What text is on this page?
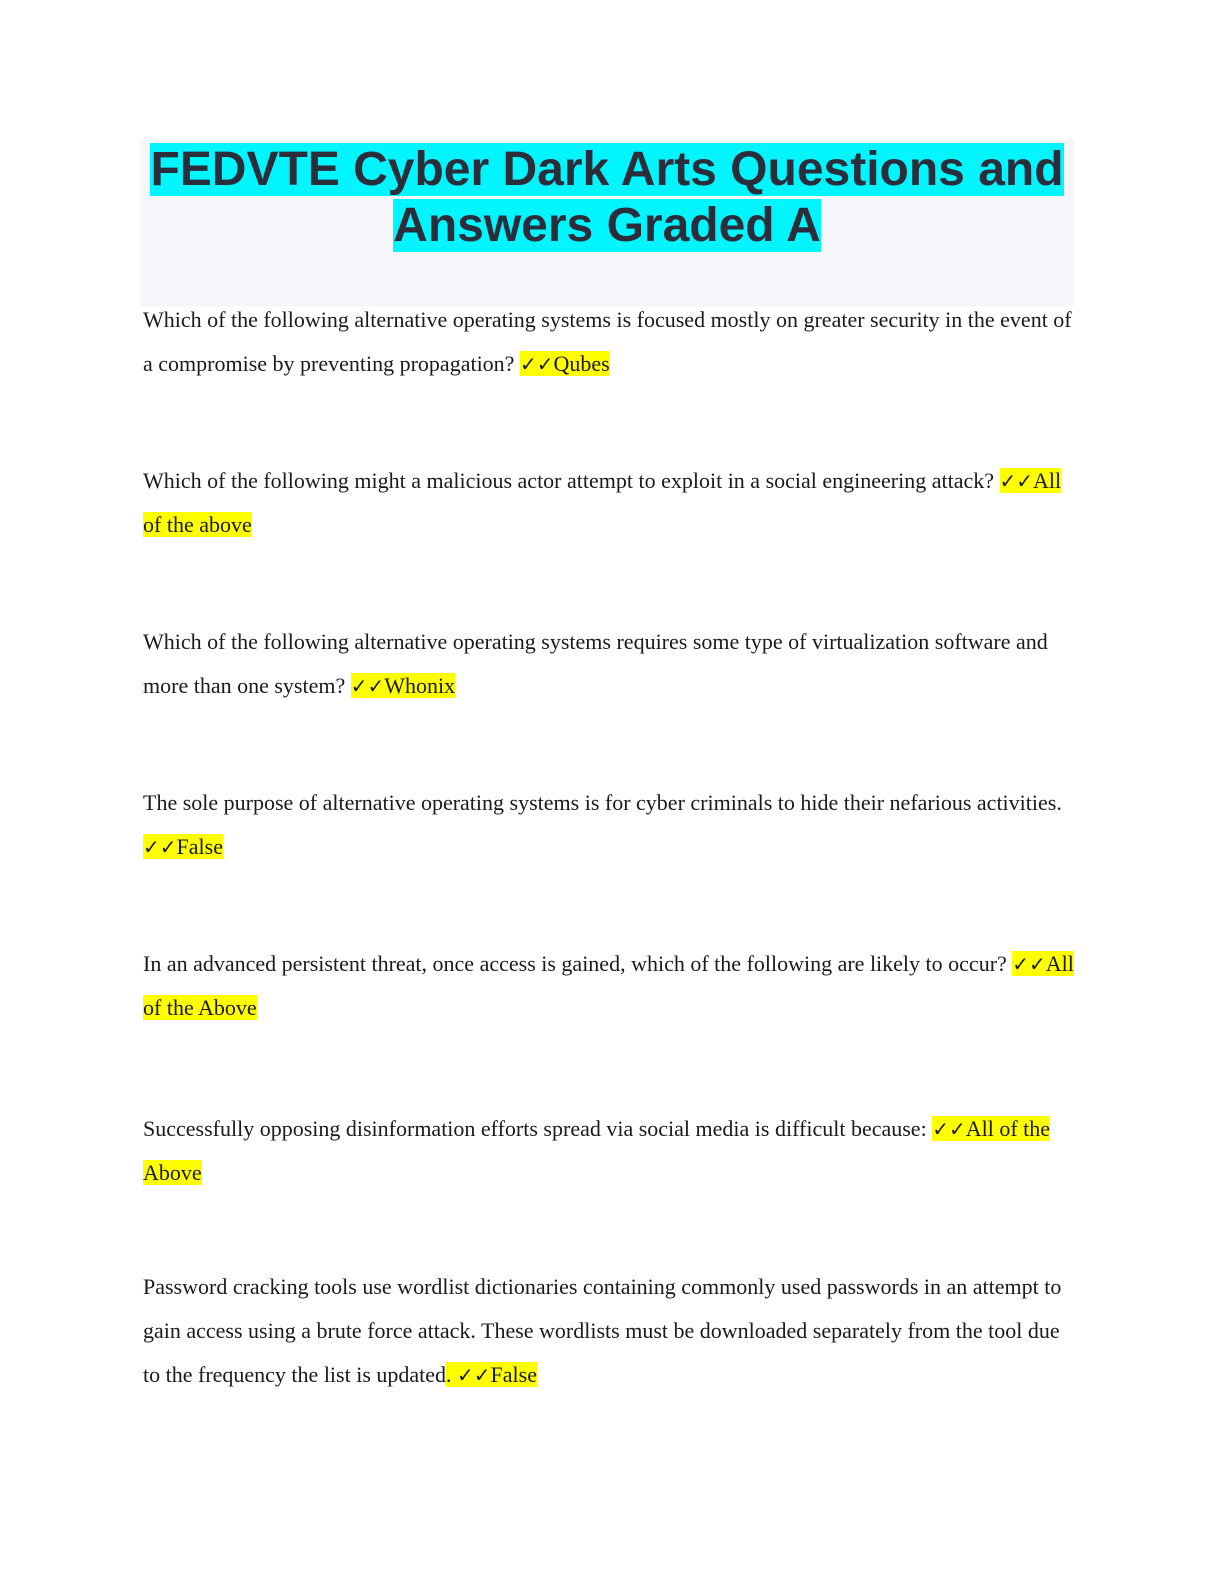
FEDVTE Cyber Dark Arts Questions and Answers Graded A

Which of the following alternative operating systems is focused mostly on greater security in the event of a compromise by preventing propagation? ✓✓Qubes

Which of the following might a malicious actor attempt to exploit in a social engineering attack? ✓✓All of the above

Which of the following alternative operating systems requires some type of virtualization software and more than one system? ✓✓Whonix

The sole purpose of alternative operating systems is for cyber criminals to hide their nefarious activities. ✓✓False

In an advanced persistent threat, once access is gained, which of the following are likely to occur? ✓✓All of the Above

Successfully opposing disinformation efforts spread via social media is difficult because: ✓✓All of the Above

Password cracking tools use wordlist dictionaries containing commonly used passwords in an attempt to gain access using a brute force attack. These wordlists must be downloaded separately from the tool due to the frequency the list is updated. ✓✓False
